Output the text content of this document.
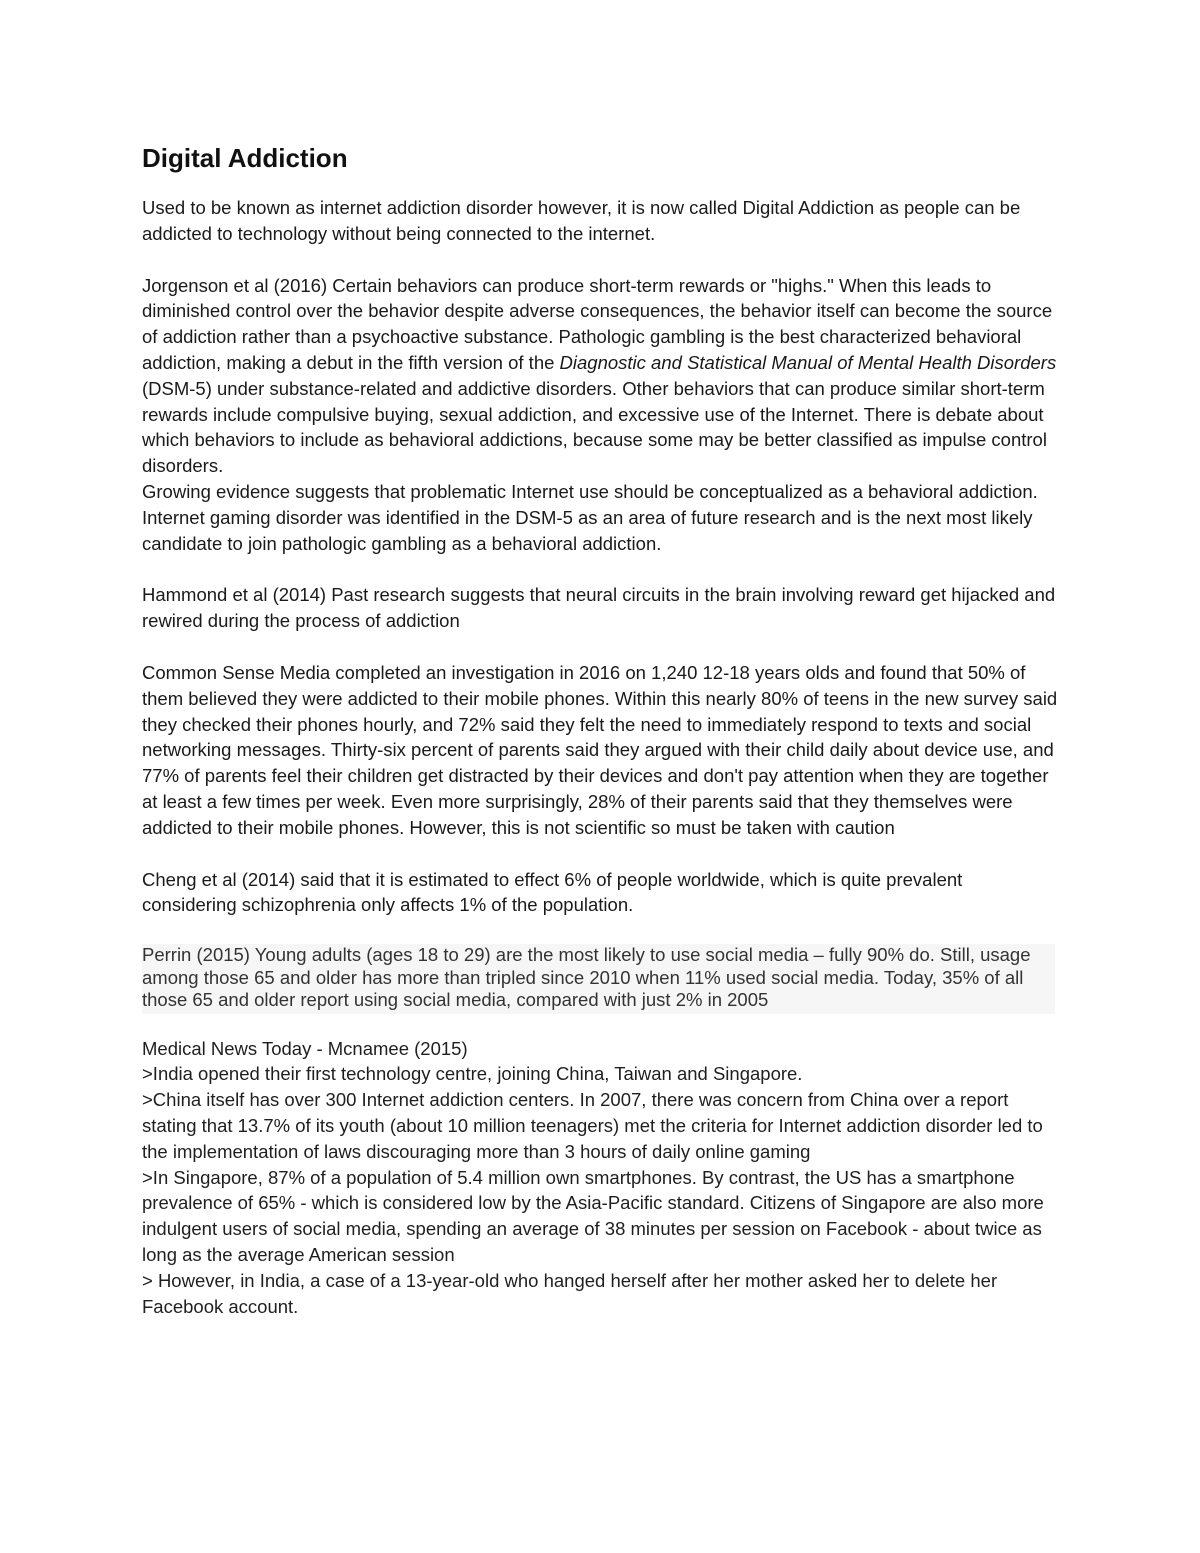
Digital Addiction

Used to be known as internet addiction disorder however, it is now called Digital Addiction as people can be addicted to technology without being connected to the internet.

Jorgenson et al (2016) Certain behaviors can produce short-term rewards or "highs." When this leads to diminished control over the behavior despite adverse consequences, the behavior itself can become the source of addiction rather than a psychoactive substance. Pathologic gambling is the best characterized behavioral addiction, making a debut in the fifth version of the Diagnostic and Statistical Manual of Mental Health Disorders (DSM-5) under substance-related and addictive disorders. Other behaviors that can produce similar short-term rewards include compulsive buying, sexual addiction, and excessive use of the Internet. There is debate about which behaviors to include as behavioral addictions, because some may be better classified as impulse control disorders.

Growing evidence suggests that problematic Internet use should be conceptualized as a behavioral addiction. Internet gaming disorder was identified in the DSM-5 as an area of future research and is the next most likely candidate to join pathologic gambling as a behavioral addiction.

Hammond et al (2014) Past research suggests that neural circuits in the brain involving reward get hijacked and rewired during the process of addiction

Common Sense Media completed an investigation in 2016 on 1,240 12-18 years olds and found that 50% of them believed they were addicted to their mobile phones. Within this nearly 80% of teens in the new survey said they checked their phones hourly, and 72% said they felt the need to immediately respond to texts and social networking messages. Thirty-six percent of parents said they argued with their child daily about device use, and 77% of parents feel their children get distracted by their devices and don't pay attention when they are together at least a few times per week. Even more surprisingly, 28% of their parents said that they themselves were addicted to their mobile phones. However, this is not scientific so must be taken with caution

Cheng et al (2014) said that it is estimated to effect 6% of people worldwide, which is quite prevalent considering schizophrenia only affects 1% of the population.

Perrin (2015) Young adults (ages 18 to 29) are the most likely to use social media – fully 90% do. Still, usage among those 65 and older has more than tripled since 2010 when 11% used social media. Today, 35% of all those 65 and older report using social media, compared with just 2% in 2005

Medical News Today - Mcnamee (2015)

>India opened their first technology centre, joining China, Taiwan and Singapore.

>China itself has over 300 Internet addiction centers. In 2007, there was concern from China over a report stating that 13.7% of its youth (about 10 million teenagers) met the criteria for Internet addiction disorder led to the implementation of laws discouraging more than 3 hours of daily online gaming

>In Singapore, 87% of a population of 5.4 million own smartphones. By contrast, the US has a smartphone prevalence of 65% - which is considered low by the Asia-Pacific standard. Citizens of Singapore are also more indulgent users of social media, spending an average of 38 minutes per session on Facebook - about twice as long as the average American session

> However, in India, a case of a 13-year-old who hanged herself after her mother asked her to delete her Facebook account.
